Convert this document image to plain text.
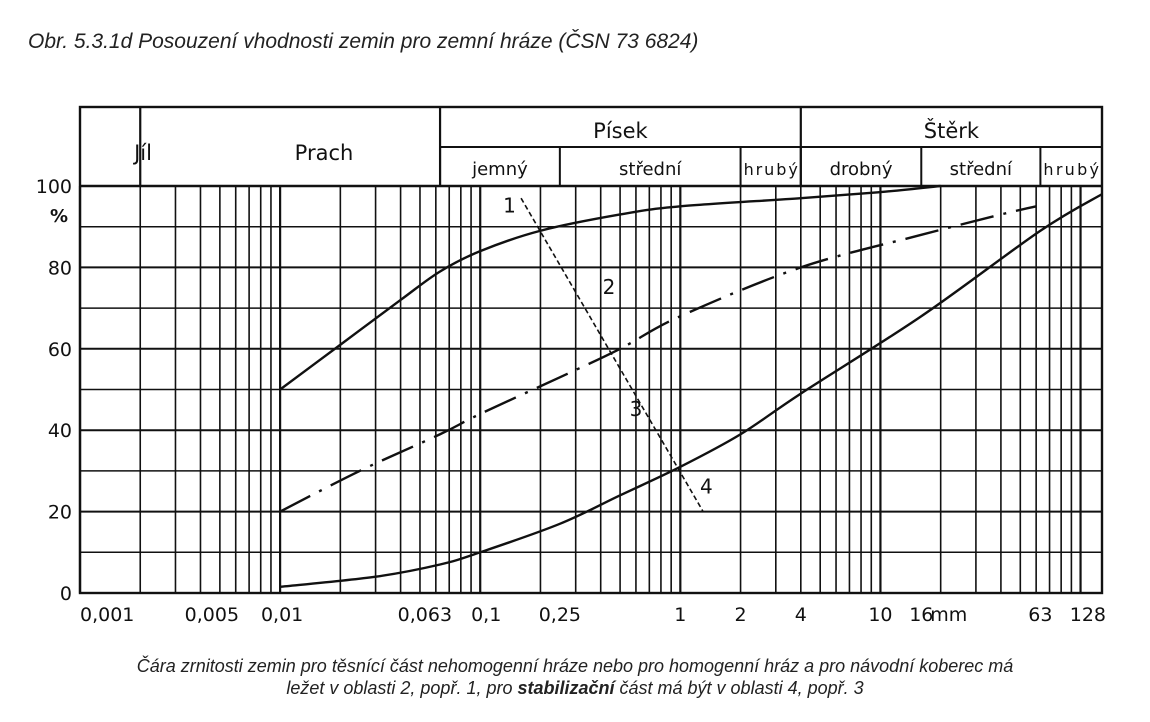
Obr. 5.3.1d Posouzení vhodnosti zemin pro zemní hráze (ČSN 73 6824)
Jíl	Prach
Písek	Štěrk
jemný	střední	hrubý drobný	střední hrubý
1
2
3
4
0
20
40
60
80
100
%
0,001	0,005 0,01	0,063 0,1 0,25	1	2	4	10 16	63 128
mm
Čára zrnitosti zemin pro těsnící část nehomogenní hráze nebo pro homogenní hráz a pro návodní koberec má
ležet v oblasti 2, popř. 1, pro stabilizační část má být v oblasti 4, popř. 3
